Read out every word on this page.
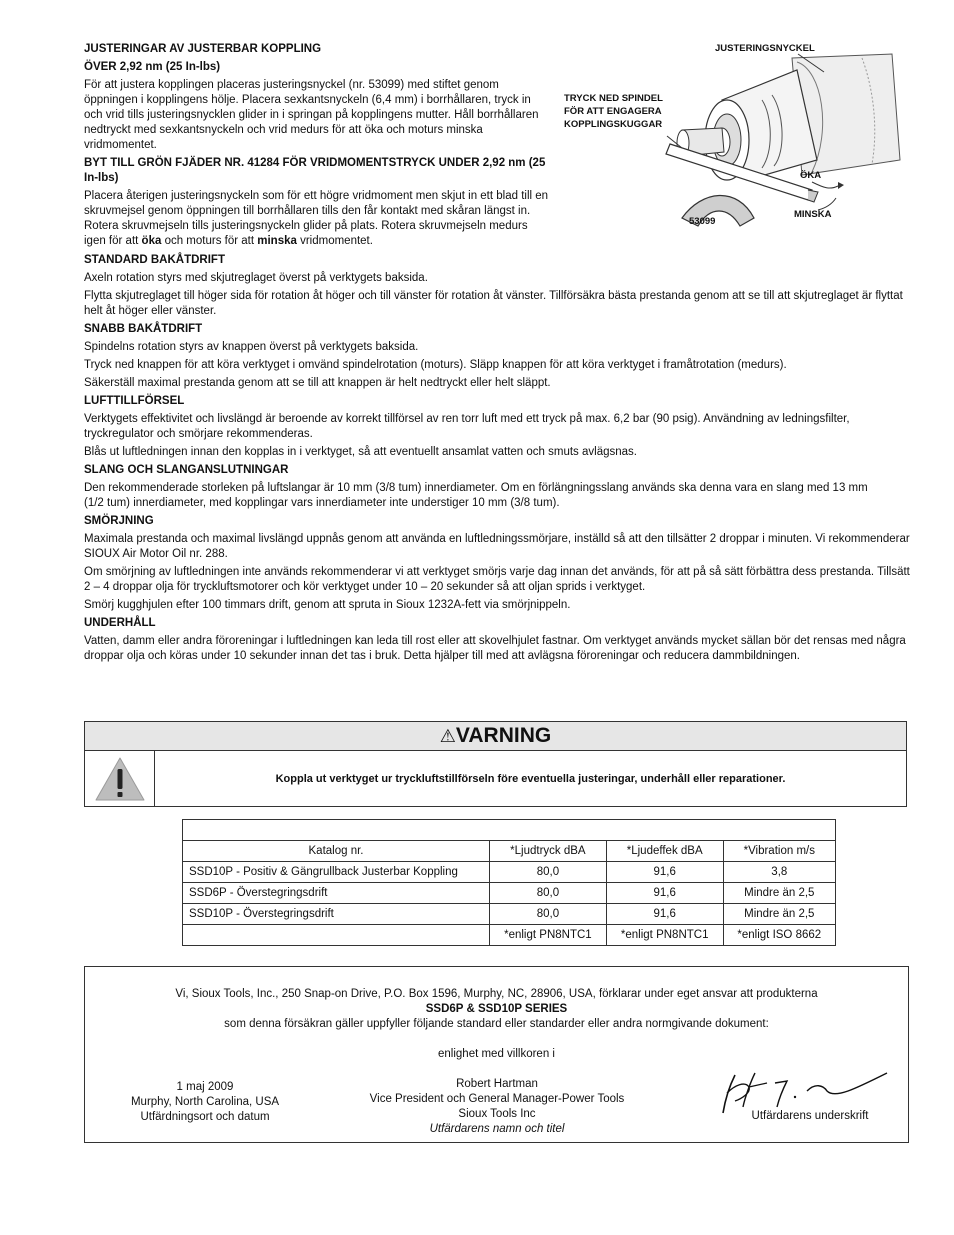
JUSTERINGAR AV JUSTERBAR KOPPLING

ÖVER 2,92 nm (25 In-lbs)

För att justera kopplingen placeras justeringsnyckel (nr. 53099) med stiftet genom öppningen i kopplingens hölje. Placera sexkantsnyckeln (6,4 mm) i borrhållaren, tryck in och vrid tills justeringsnycklen glider in i springan på kopplingens mutter. Håll borrhållaren nedtryckt med sexkantsnyckeln och vrid medurs för att öka och moturs minska vridmomentet.

BYT TILL GRÖN FJÄDER NR. 41284 FÖR VRIDMOMENTSTRYCK UNDER 2,92 nm (25 In-lbs)

Placera återigen justeringsnyckeln som för ett högre vridmoment men skjut in ett blad till en skruvmejsel genom öppningen till borrhållaren tills den får kontakt med skåran längst in. Rotera skruvmejseln tills justeringsnyckeln glider på plats. Rotera skruvmejseln medurs igen för att öka och moturs för att minska vridmomentet.

JUSTERINGSNYCKEL
TRYCK NED SPINDEL
FÖR ATT ENGAGERA
KOPPLINGSKUGGAR
ÖKA
MINSKA
53099

STANDARD BAKÅTDRIFT

Axeln rotation styrs med skjutreglaget överst på verktygets baksida.

Flytta skjutreglaget till höger sida för rotation åt höger och till vänster för rotation åt vänster. Tillförsäkra bästa prestanda genom att se till att skjutreglaget är flyttat helt åt höger eller vänster.

SNABB BAKÅTDRIFT

Spindelns rotation styrs av knappen överst på verktygets baksida.

Tryck ned knappen för att köra verktyget i omvänd spindelrotation (moturs). Släpp knappen för att köra verktyget i framåtrotation (medurs).

Säkerställ maximal prestanda genom att se till att knappen är helt nedtryckt eller helt släppt.

LUFTTILLFÖRSEL

Verktygets effektivitet och livslängd är beroende av korrekt tillförsel av ren torr luft med ett tryck på max. 6,2 bar (90 psig). Användning av ledningsfilter, tryckregulator och smörjare rekommenderas.

Blås ut luftledningen innan den kopplas in i verktyget, så att eventuellt ansamlat vatten och smuts avlägsnas.

SLANG OCH SLANGANSLUTNINGAR

Den rekommenderade storleken på luftslangar är 10 mm (3/8 tum) innerdiameter. Om en förlängningsslang används ska denna vara en slang med 13 mm (1/2 tum) innerdiameter, med kopplingar vars innerdiameter inte understiger 10 mm (3/8 tum).

SMÖRJNING

Maximala prestanda och maximal livslängd uppnås genom att använda en luftledningssmörjare, inställd så att den tillsätter 2 droppar i minuten. Vi rekommenderar SIOUX Air Motor Oil nr. 288.

Om smörjning av luftledningen inte används rekommenderar vi att verktyget smörjs varje dag innan det används, för att på så sätt förbättra dess prestanda. Tillsätt 2 – 4 droppar olja för tryckluftsmotorer och kör verktyget under 10 – 20 sekunder så att oljan sprids i verktyget.

Smörj kugghjulen efter 100 timmars drift, genom att spruta in Sioux 1232A-fett via smörjnippeln.

UNDERHÅLL

Vatten, damm eller andra föroreningar i luftledningen kan leda till rost eller att skovelhjulet fastnar. Om verktyget används mycket sällan bör det rensas med några droppar olja och köras under 10 sekunder innan det tas i bruk. Detta hjälper till med att avlägsna föroreningar och reducera dammbildningen.

⚠VARNING
Koppla ut verktyget ur tryckluftstillförseln före eventuella justeringar, underhåll eller reparationer.

Katalog nr.	*Ljudtryck dBA	*Ljudeffek dBA	*Vibration m/s
SSD10P - Positiv & Gängrullback Justerbar Koppling	80,0	91,6	3,8
SSD6P - Överstegringsdrift	80,0	91,6	Mindre än 2,5
SSD10P - Överstegringsdrift	80,0	91,6	Mindre än 2,5
	*enligt PN8NTC1	*enligt PN8NTC1	*enligt ISO 8662
Vi, Sioux Tools, Inc., 250 Snap-on Drive, P.O. Box 1596, Murphy, NC, 28906, USA, förklarar under eget ansvar att produkterna
SSD6P & SSD10P SERIES
som denna försäkran gäller uppfyller följande standard eller standarder eller andra normgivande dokument:
enlighet med villkoren i
1 maj 2009
Murphy, North Carolina, USA
Utfärdningsort och datum
Robert Hartman
Vice President och General Manager-Power Tools
Sioux Tools Inc
Utfärdarens namn och titel
Utfärdarens underskrift
